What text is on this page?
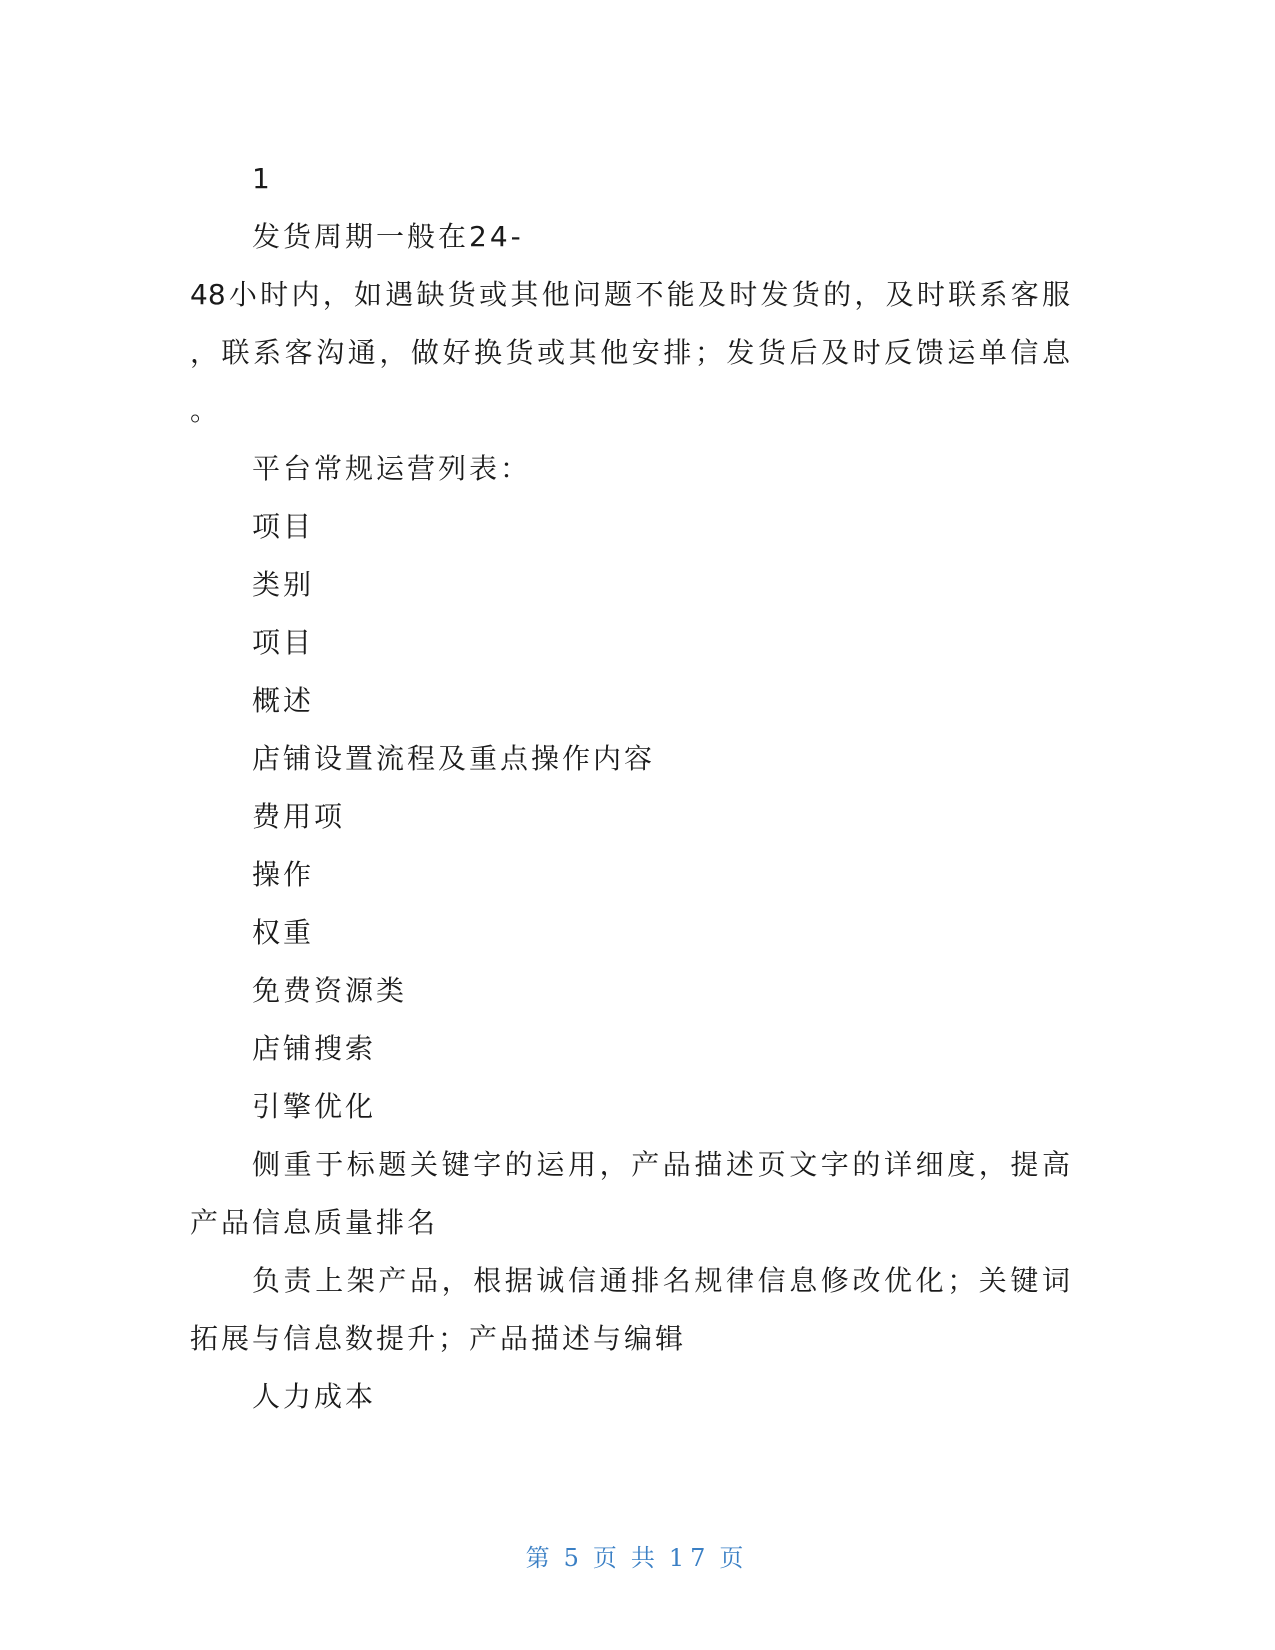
1
发货周期一般在24-
48小时内，如遇缺货或其他问题不能及时发货的，及时联系客服
，联系客沟通，做好换货或其他安排；发货后及时反馈运单信息
。
平台常规运营列表：
项目
类别
项目
概述
店铺设置流程及重点操作内容
费用项
操作
权重
免费资源类
店铺搜索
引擎优化
侧重于标题关键字的运用，产品描述页文字的详细度，提高
产品信息质量排名
负责上架产品，根据诚信通排名规律信息修改优化；关键词
拓展与信息数提升；产品描述与编辑
人力成本
第 5 页 共 17 页
